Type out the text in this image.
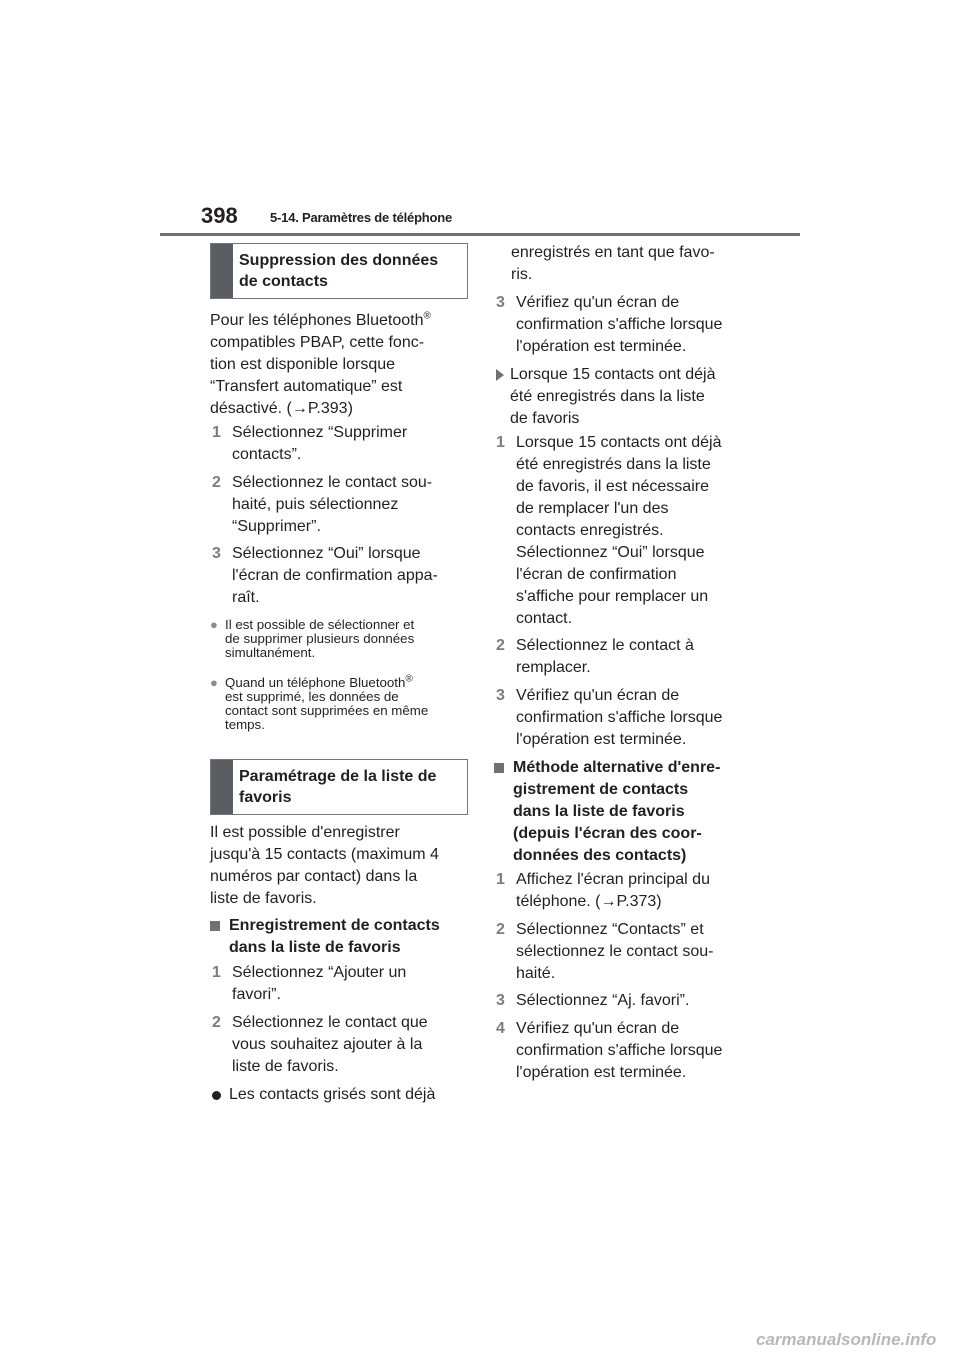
398 5-14. Paramètres de téléphone
Suppression des données de contacts
Pour les téléphones Bluetooth®
compatibles PBAP, cette fonc-
tion est disponible lorsque
“Transfert automatique” est
désactivé. (→P.393)
1 Sélectionnez “Supprimer
contacts”.
2 Sélectionnez le contact sou-
haité, puis sélectionnez
“Supprimer”.
3 Sélectionnez “Oui” lorsque
l'écran de confirmation appa-
raît.
● Il est possible de sélectionner et
de supprimer plusieurs données
simultanément.
● Quand un téléphone Bluetooth®
est supprimé, les données de
contact sont supprimées en même
temps.
Paramétrage de la liste de favoris
Il est possible d'enregistrer
jusqu'à 15 contacts (maximum 4
numéros par contact) dans la
liste de favoris.
Enregistrement de contacts
dans la liste de favoris
1 Sélectionnez “Ajouter un
favori”.
2 Sélectionnez le contact que
vous souhaitez ajouter à la
liste de favoris.
Les contacts grisés sont déjà
enregistrés en tant que favo-
ris.
3 Vérifiez qu'un écran de
confirmation s'affiche lorsque
l'opération est terminée.
Lorsque 15 contacts ont déjà
été enregistrés dans la liste
de favoris
1 Lorsque 15 contacts ont déjà
été enregistrés dans la liste
de favoris, il est nécessaire
de remplacer l'un des
contacts enregistrés.
Sélectionnez “Oui” lorsque
l'écran de confirmation
s'affiche pour remplacer un
contact.
2 Sélectionnez le contact à
remplacer.
3 Vérifiez qu'un écran de
confirmation s'affiche lorsque
l'opération est terminée.
Méthode alternative d'enre-
gistrement de contacts
dans la liste de favoris
(depuis l'écran des coor-
données des contacts)
1 Affichez l'écran principal du
téléphone. (→P.373)
2 Sélectionnez “Contacts” et
sélectionnez le contact sou-
haité.
3 Sélectionnez “Aj. favori”.
4 Vérifiez qu'un écran de
confirmation s'affiche lorsque
l'opération est terminée.
carmanualsonline.info
